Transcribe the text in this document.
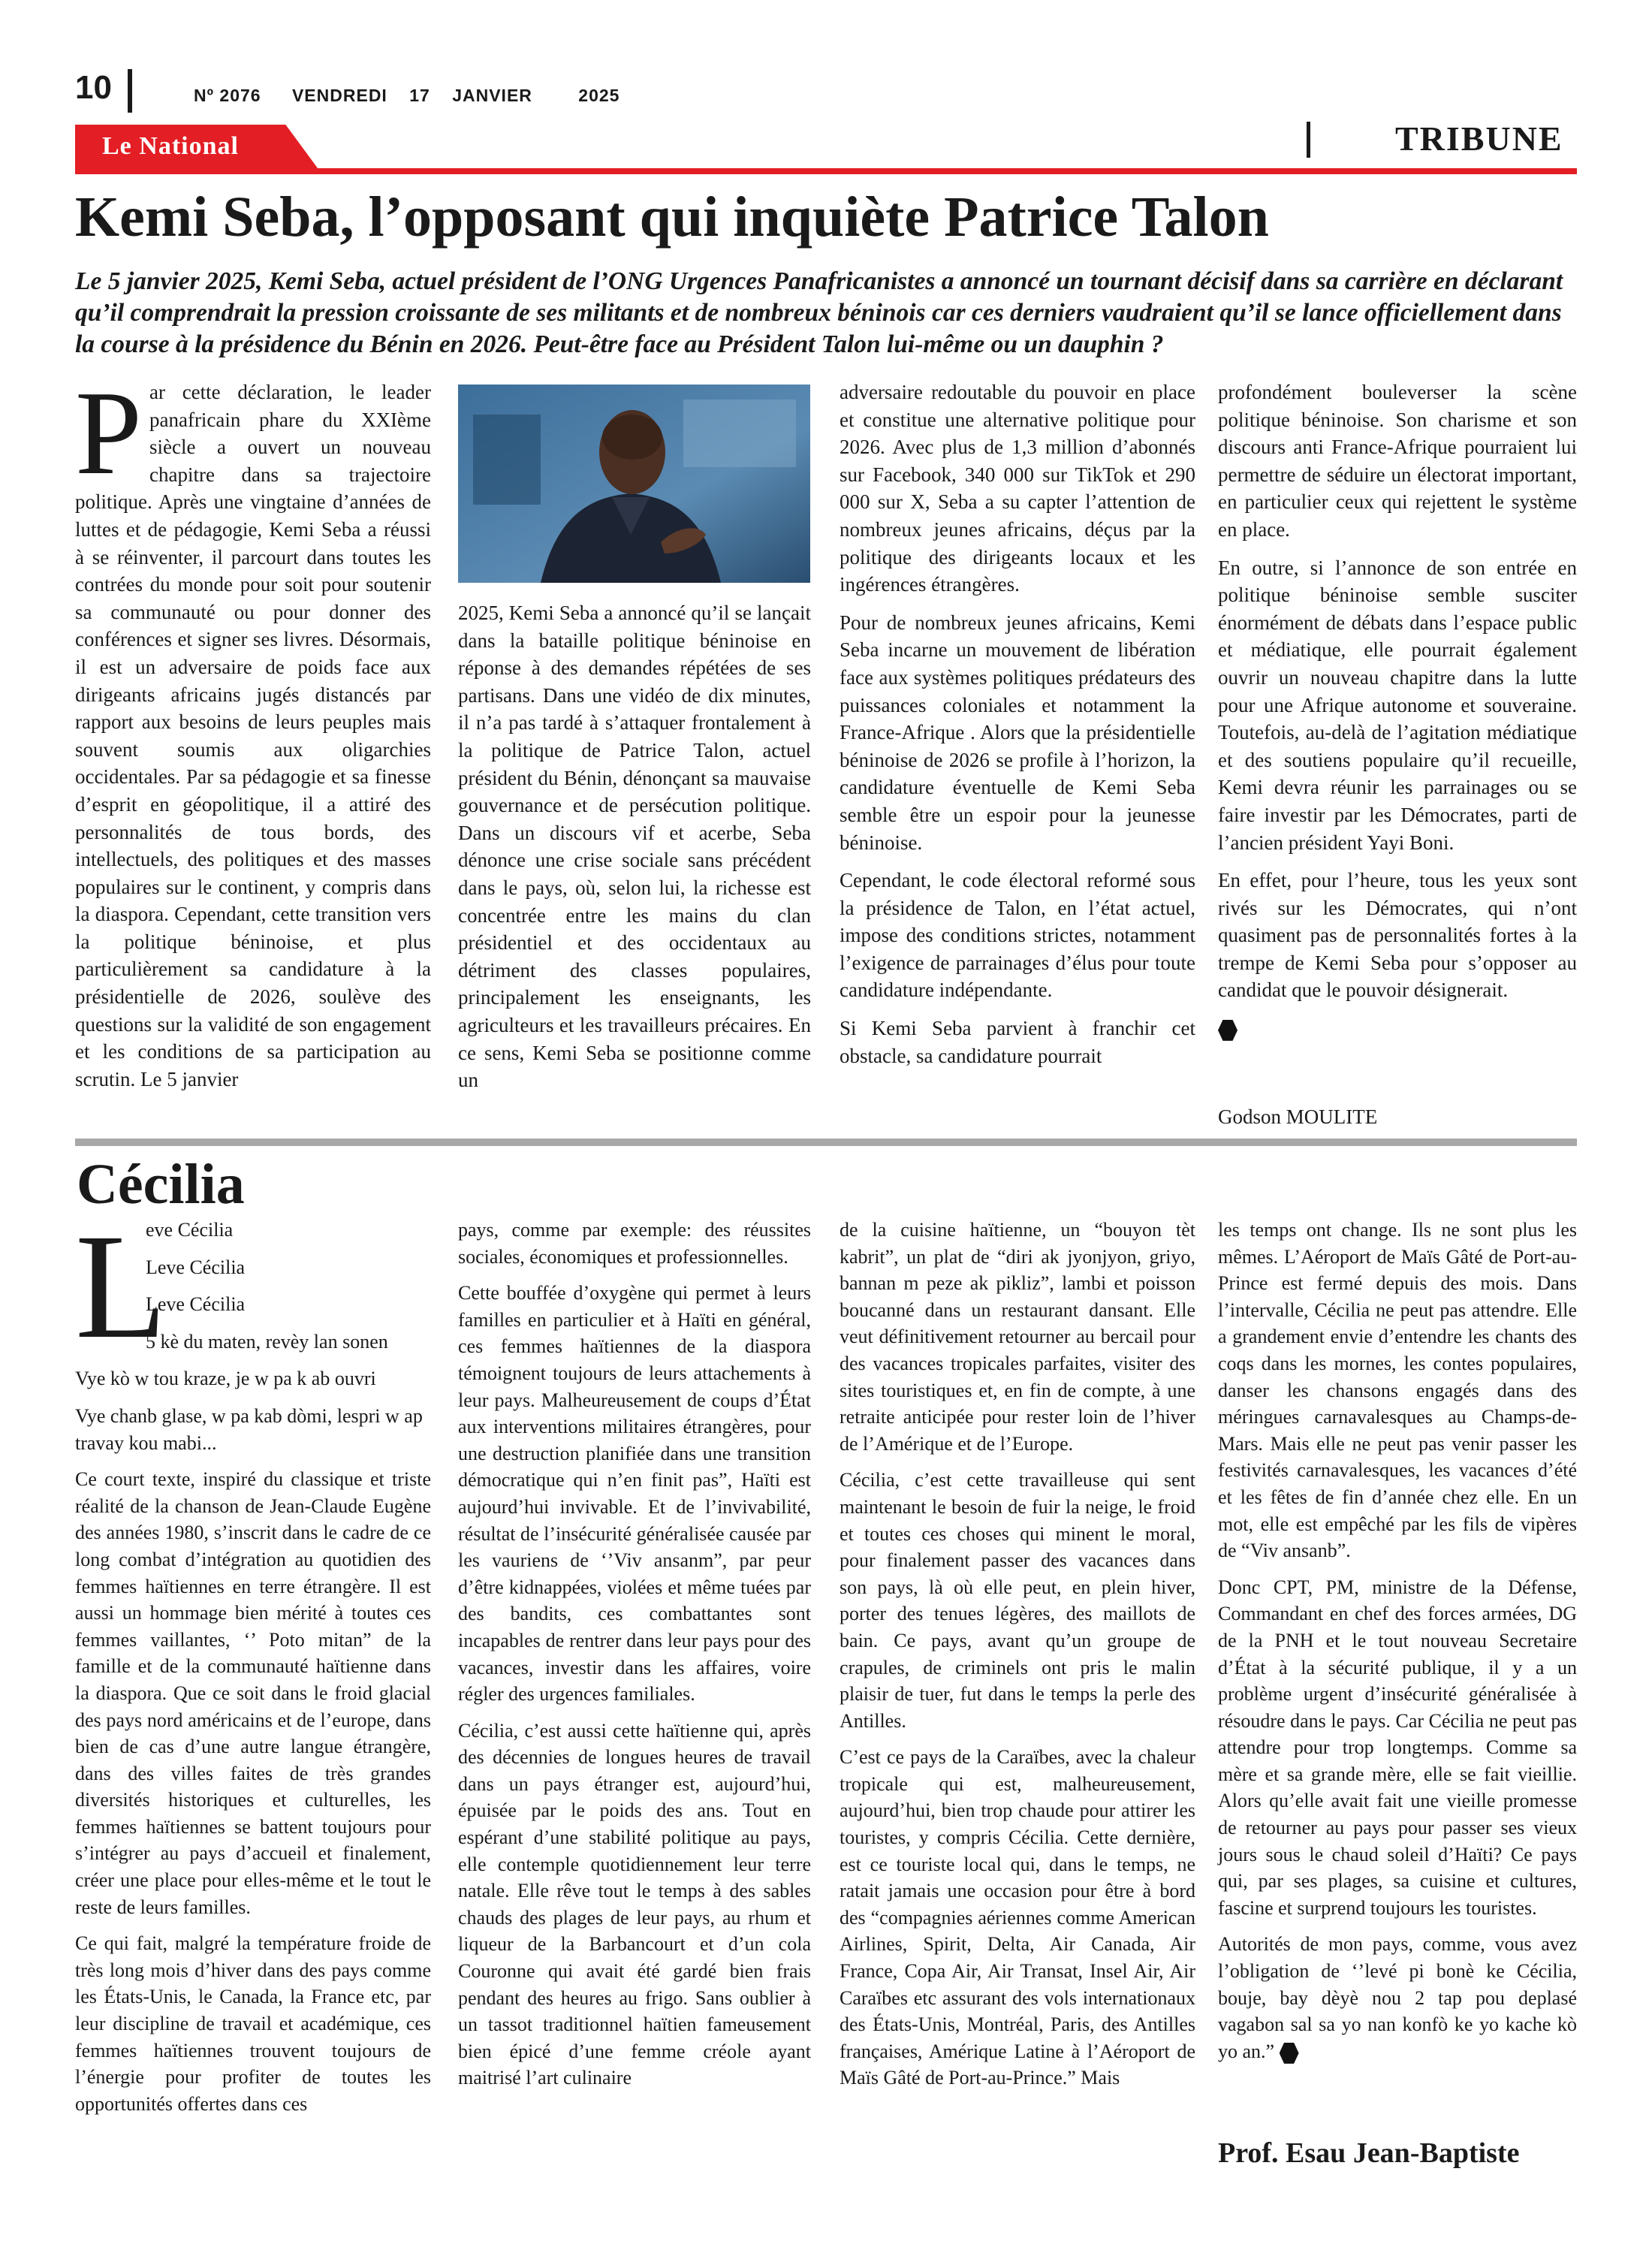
10	Nº 2076 VENDREDI 17 JANVIER	2025
Le National	TRIBUNE
Kemi Seba, l’opposant qui inquiète Patrice Talon
Le 5 janvier 2025, Kemi Seba, actuel président de l’ONG Urgences Panafricanistes a annoncé un tournant décisif dans sa carrière en déclarant qu’il comprendrait la pression croissante de ses militants et de nombreux béninois car ces derniers vaudraient qu’il se lance officiellement dans la course à la présidence du Bénin en 2026. Peut-être face au Président Talon lui-même ou un dauphin ?
Par cette déclaration, le leader panafricain phare du XXIème siècle a ouvert un nouveau chapitre dans sa trajectoire politique. Après une vingtaine d’années de luttes et de pédagogie, Kemi Seba a réussi à se réinventer, il parcourt dans toutes les contrées du monde pour soit pour soutenir sa communauté ou pour donner des conférences et signer ses livres. Désormais, il est un adversaire de poids face aux dirigeants africains jugés distancés par rapport aux besoins de leurs peuples mais souvent soumis aux oligarchies occidentales. Par sa pédagogie et sa finesse d’esprit en géopolitique, il a attiré des personnalités de tous bords, des intellectuels, des politiques et des masses populaires sur le continent, y compris dans la diaspora. Cependant, cette transition vers la politique béninoise, et plus particulièrement sa candidature à la présidentielle de 2026, soulève des questions sur la validité de son engagement et les conditions de sa participation au scrutin. Le 5 janvier
2025, Kemi Seba a annoncé qu’il se lançait dans la bataille politique béninoise en réponse à des demandes répétées de ses partisans. Dans une vidéo de dix minutes, il n’a pas tardé à s’attaquer frontalement à la politique de Patrice Talon, actuel président du Bénin, dénonçant sa mauvaise gouvernance et de persécution politique. Dans un discours vif et acerbe, Seba dénonce une crise sociale sans précédent dans le pays, où, selon lui, la richesse est concentrée entre les mains du clan présidentiel et des occidentaux au détriment des classes populaires, principalement les enseignants, les agriculteurs et les travailleurs précaires. En ce sens, Kemi Seba se positionne comme un

adversaire redoutable du pouvoir en place et constitue une alternative politique pour 2026. Avec plus de 1,3 million d’abonnés sur Facebook, 340 000 sur TikTok et 290 000 sur X, Seba a su capter l’attention de nombreux jeunes africains, déçus par la politique des dirigeants locaux et les ingérences étrangères.

Pour de nombreux jeunes africains, Kemi Seba incarne un mouvement de libération face aux systèmes politiques prédateurs des puissances coloniales et notamment la France-Afrique . Alors que la présidentielle béninoise de 2026 se profile à l’horizon, la candidature éventuelle de Kemi Seba semble être un espoir pour la jeunesse béninoise.

Cependant, le code électoral reformé sous la présidence de Talon, en l’état actuel, impose des conditions strictes, notamment l’exigence de parrainages d’élus pour toute candidature indépendante.

Si Kemi Seba parvient à franchir cet obstacle, sa candidature pourrait

profondément bouleverser la scène politique béninoise. Son charisme et son discours anti France-Afrique pourraient lui permettre de séduire un électorat important, en particulier ceux qui rejettent le système en place.

En outre, si l’annonce de son entrée en politique béninoise semble susciter énormément de débats dans l’espace public et médiatique, elle pourrait également ouvrir un nouveau chapitre dans la lutte pour une Afrique autonome et souveraine. Toutefois, au-delà de l’agitation médiatique et des soutiens populaire qu’il recueille, Kemi devra réunir les parrainages ou se faire investir par les Démocrates, parti de l’ancien président Yayi Boni.

En effet, pour l’heure, tous les yeux sont rivés sur les Démocrates, qui n’ont quasiment pas de personnalités fortes à la trempe de Kemi Seba pour s’opposer au candidat que le pouvoir désignerait.

Godson MOULITE
Cécilia
L
eve Cécilia
Leve Cécilia
Leve Cécilia
5 kè du maten, revèy lan sonen
Vye kò w tou kraze, je w pa k ab ouvri

Vye chanb glase, w pa kab dòmi, lespri w ap travay kou mabi...

Ce court texte, inspiré du classique et triste réalité de la chanson de Jean-Claude Eugène des années 1980, s’inscrit dans le cadre de ce long combat d’intégration au quotidien des femmes haïtiennes en terre étrangère. Il est aussi un hommage bien mérité à toutes ces femmes vaillantes, ‘’ Poto mitan” de la famille et de la communauté haïtienne dans la diaspora. Que ce soit dans le froid glacial des pays nord américains et de l’europe, dans bien de cas d’une autre langue étrangère, dans des villes faites de très grandes diversités historiques et culturelles, les femmes haïtiennes se battent toujours pour s’intégrer au pays d’accueil et finalement, créer une place pour elles-même et le tout le reste de leurs familles.

Ce qui fait, malgré la température froide de très long mois d’hiver dans des pays comme les États-Unis, le Canada, la France etc, par leur discipline de travail et académique, ces femmes haïtiennes trouvent toujours de l’énergie pour profiter de toutes les opportunités offertes dans ces

pays, comme par exemple: des réussites sociales, économiques et professionnelles.

Cette bouffée d’oxygène qui permet à leurs familles en particulier et à Haïti en général, ces femmes haïtiennes de la diaspora témoignent toujours de leurs attachements à leur pays. Malheureusement de coups d’État aux interventions militaires étrangères, pour une destruction planifiée dans une transition démocratique qui n’en finit pas”, Haïti est aujourd’hui invivable. Et de l’invivabilité, résultat de l’insécurité généralisée causée par les vauriens de ‘’Viv ansanm”, par peur d’être kidnappées, violées et même tuées par des bandits, ces combattantes sont incapables de rentrer dans leur pays pour des vacances, investir dans les affaires, voire régler des urgences familiales.

Cécilia, c’est aussi cette haïtienne qui, après des décennies de longues heures de travail dans un pays étranger est, aujourd’hui, épuisée par le poids des ans. Tout en espérant d’une stabilité politique au pays, elle contemple quotidiennement leur terre natale. Elle rêve tout le temps à des sables chauds des plages de leur pays, au rhum et liqueur de la Barbancourt et d’un cola Couronne qui avait été gardé bien frais pendant des heures au frigo. Sans oublier à un tassot traditionnel haïtien fameusement bien épicé d’une femme créole ayant maitrisé l’art culinaire

de la cuisine haïtienne, un “bouyon tèt kabrit”, un plat de “diri ak jyonjyon, griyo, bannan m peze ak pikliz”, lambi et poisson boucanné dans un restaurant dansant. Elle veut définitivement retourner au bercail pour des vacances tropicales parfaites, visiter des sites touristiques et, en fin de compte, à une retraite anticipée pour rester loin de l’hiver de l’Amérique et de l’Europe.

Cécilia, c’est cette travailleuse qui sent maintenant le besoin de fuir la neige, le froid et toutes ces choses qui minent le moral, pour finalement passer des vacances dans son pays, là où elle peut, en plein hiver, porter des tenues légères, des maillots de bain. Ce pays, avant qu’un groupe de crapules, de criminels ont pris le malin plaisir de tuer, fut dans le temps la perle des Antilles.

C’est ce pays de la Caraïbes, avec la chaleur tropicale qui est, malheureusement, aujourd’hui, bien trop chaude pour attirer les touristes, y compris Cécilia. Cette dernière, est ce touriste local qui, dans le temps, ne ratait jamais une occasion pour être à bord des “compagnies aériennes comme American Airlines, Spirit, Delta, Air Canada, Air France, Copa Air, Air Transat, Insel Air, Air Caraïbes etc assurant des vols internationaux des États-Unis, Montréal, Paris, des Antilles françaises, Amérique Latine à l’Aéroport de Maïs Gâté de Port-au-Prince.” Mais

les temps ont change. Ils ne sont plus les mêmes. L’Aéroport de Maïs Gâté de Port-au-Prince est fermé depuis des mois. Dans l’intervalle, Cécilia ne peut pas attendre. Elle a grandement envie d’entendre les chants des coqs dans les mornes, les contes populaires, danser les chansons engagés dans des méringues carnavalesques au Champs-de-Mars. Mais elle ne peut pas venir passer les festivités carnavalesques, les vacances d’été et les fêtes de fin d’année chez elle. En un mot, elle est empêché par les fils de vipères de “Viv ansanb”.

Donc CPT, PM, ministre de la Défense, Commandant en chef des forces armées, DG de la PNH et le tout nouveau Secretaire d’État à la sécurité publique, il y a un problème urgent d’insécurité généralisée à résoudre dans le pays. Car Cécilia ne peut pas attendre pour trop longtemps. Comme sa mère et sa grande mère, elle se fait vieillie. Alors qu’elle avait fait une vieille promesse de retourner au pays pour passer ses vieux jours sous le chaud soleil d’Haïti? Ce pays qui, par ses plages, sa cuisine et cultures, fascine et surprend toujours les touristes.

Autorités de mon pays, comme, vous avez l’obligation de ‘’levé pi bonè ke Cécilia, bouje, bay dèyè nou 2 tap pou deplasé vagabon sal sa yo nan konfò ke yo kache kò yo an.”

Prof. Esau Jean-Baptiste
